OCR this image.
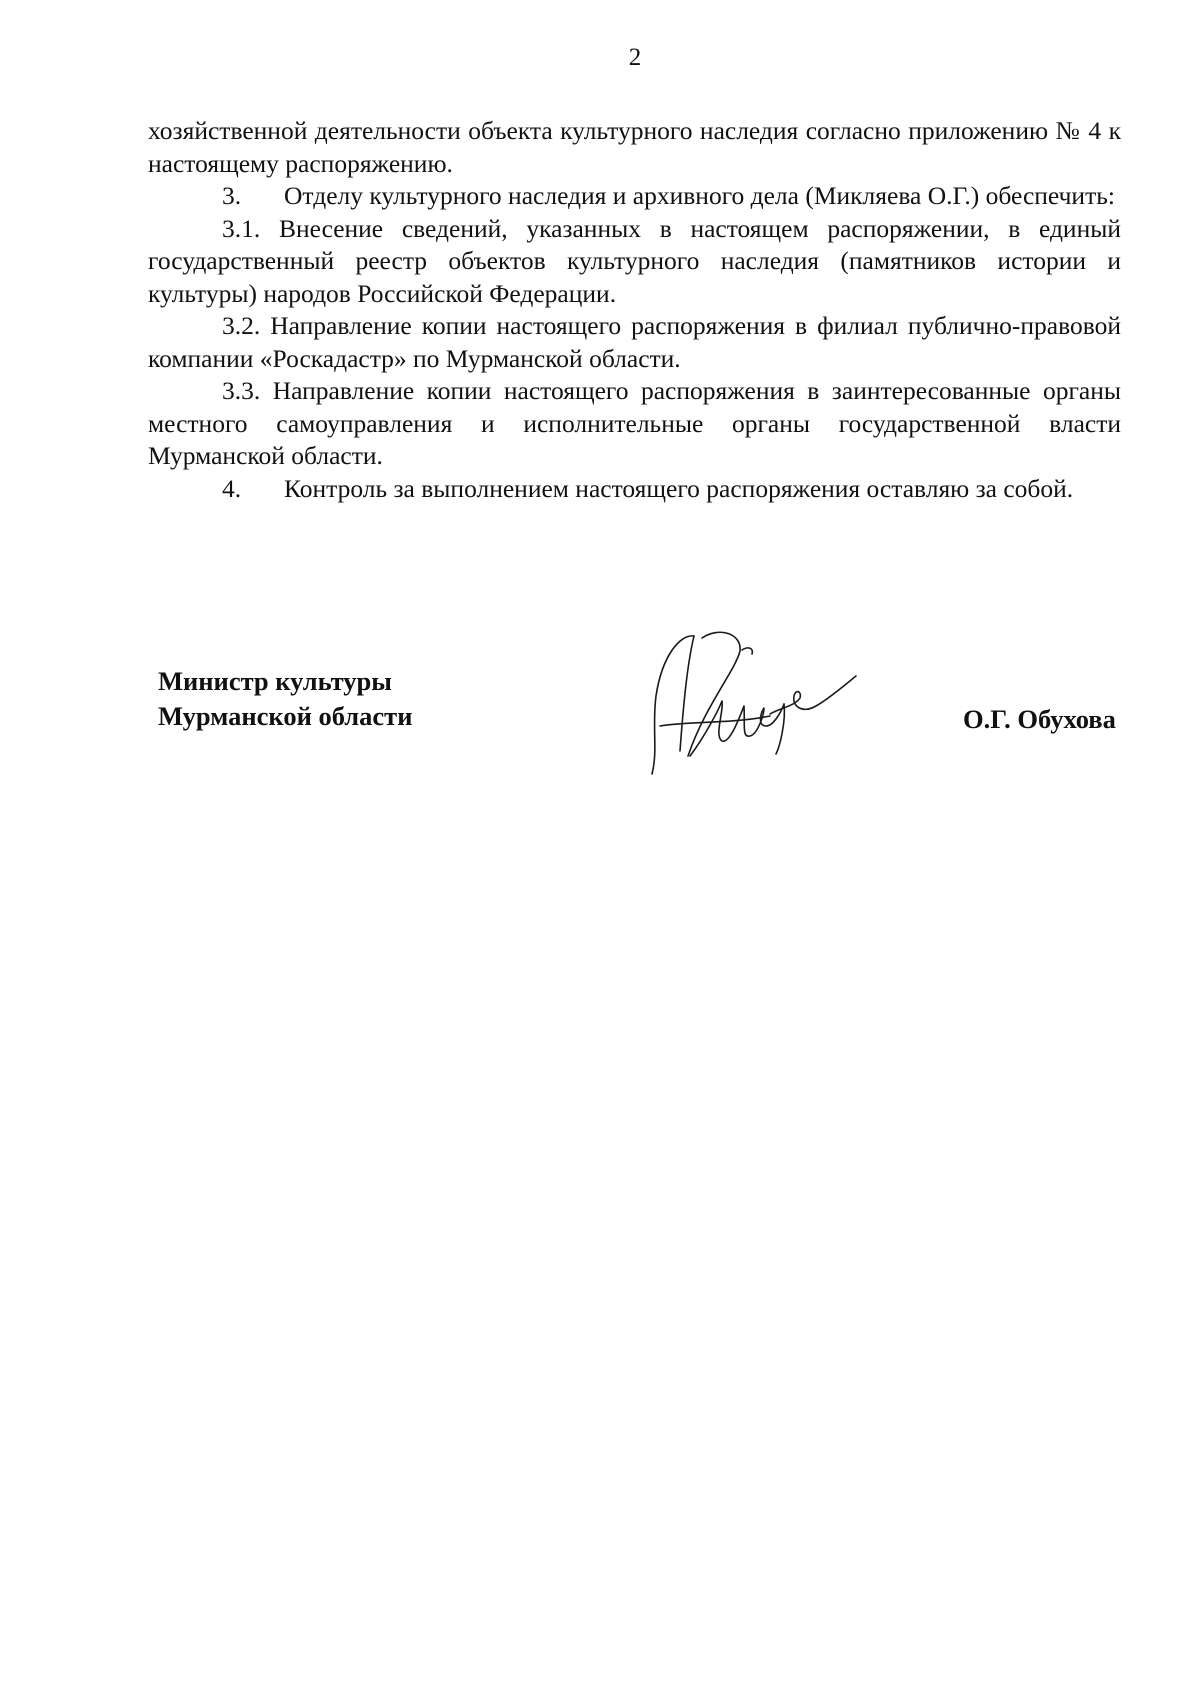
2

хозяйственной деятельности объекта культурного наследия согласно приложению № 4 к настоящему распоряжению.

3. Отделу культурного наследия и архивного дела (Микляева О.Г.) обеспечить:

3.1. Внесение сведений, указанных в настоящем распоряжении, в единый государственный реестр объектов культурного наследия (памятников истории и культуры) народов Российской Федерации.

3.2. Направление копии настоящего распоряжения в филиал публично-правовой компании «Роскадастр» по Мурманской области.

3.3. Направление копии настоящего распоряжения в заинтересованные органы местного самоуправления и исполнительные органы государственной власти Мурманской области.

4. Контроль за выполнением настоящего распоряжения оставляю за собой.

Министр культуры
Мурманской области	О.Г. Обухова
